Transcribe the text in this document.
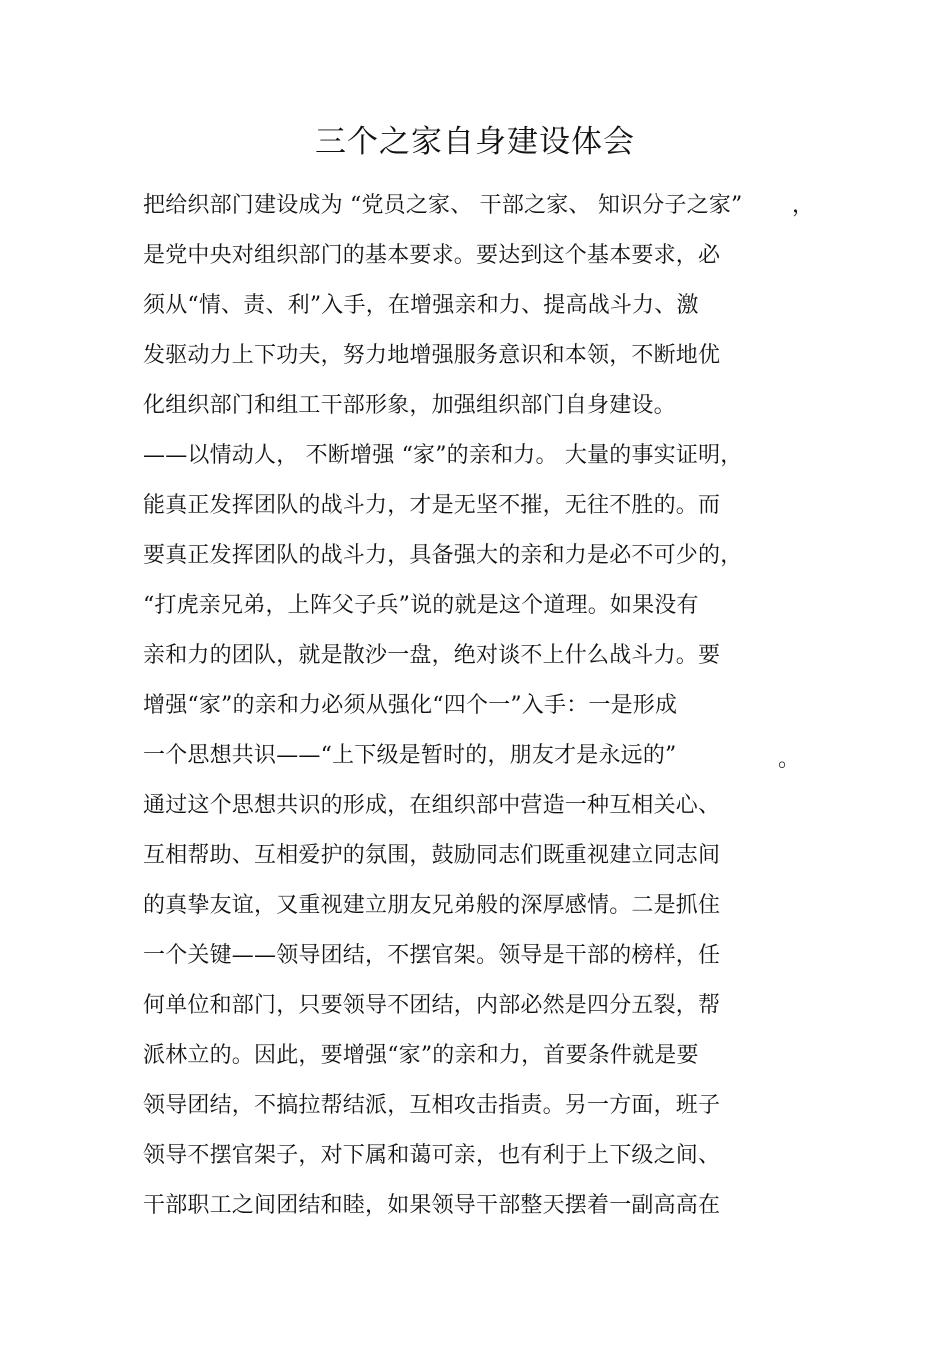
三个之家自身建设体会
把给织部门建设成为 “党员之家、 干部之家、 知识分子之家” ，
是党中央对组织部门的基本要求。要达到这个基本要求，必
须从“情、责、利”入手，在增强亲和力、提高战斗力、激
发驱动力上下功夫，努力地增强服务意识和本领，不断地优
化组织部门和组工干部形象，加强组织部门自身建设。
——以情动人， 不断增强 “家”的亲和力。 大量的事实证明，
能真正发挥团队的战斗力，才是无坚不摧，无往不胜的。而
要真正发挥团队的战斗力，具备强大的亲和力是必不可少的，
“打虎亲兄弟，上阵父子兵”说的就是这个道理。如果没有
亲和力的团队，就是散沙一盘，绝对谈不上什么战斗力。要
增强“家”的亲和力必须从强化“四个一”入手：一是形成
一个思想共识——“上下级是暂时的，朋友才是永远的”	。
通过这个思想共识的形成，在组织部中营造一种互相关心、
互相帮助、互相爱护的氛围，鼓励同志们既重视建立同志间
的真挚友谊，又重视建立朋友兄弟般的深厚感情。二是抓住
一个关键——领导团结，不摆官架。领导是干部的榜样，任
何单位和部门，只要领导不团结，内部必然是四分五裂，帮
派林立的。因此，要增强“家”的亲和力，首要条件就是要
领导团结，不搞拉帮结派，互相攻击指责。另一方面，班子
领导不摆官架子，对下属和蔼可亲，也有利于上下级之间、
干部职工之间团结和睦，如果领导干部整天摆着一副高高在
